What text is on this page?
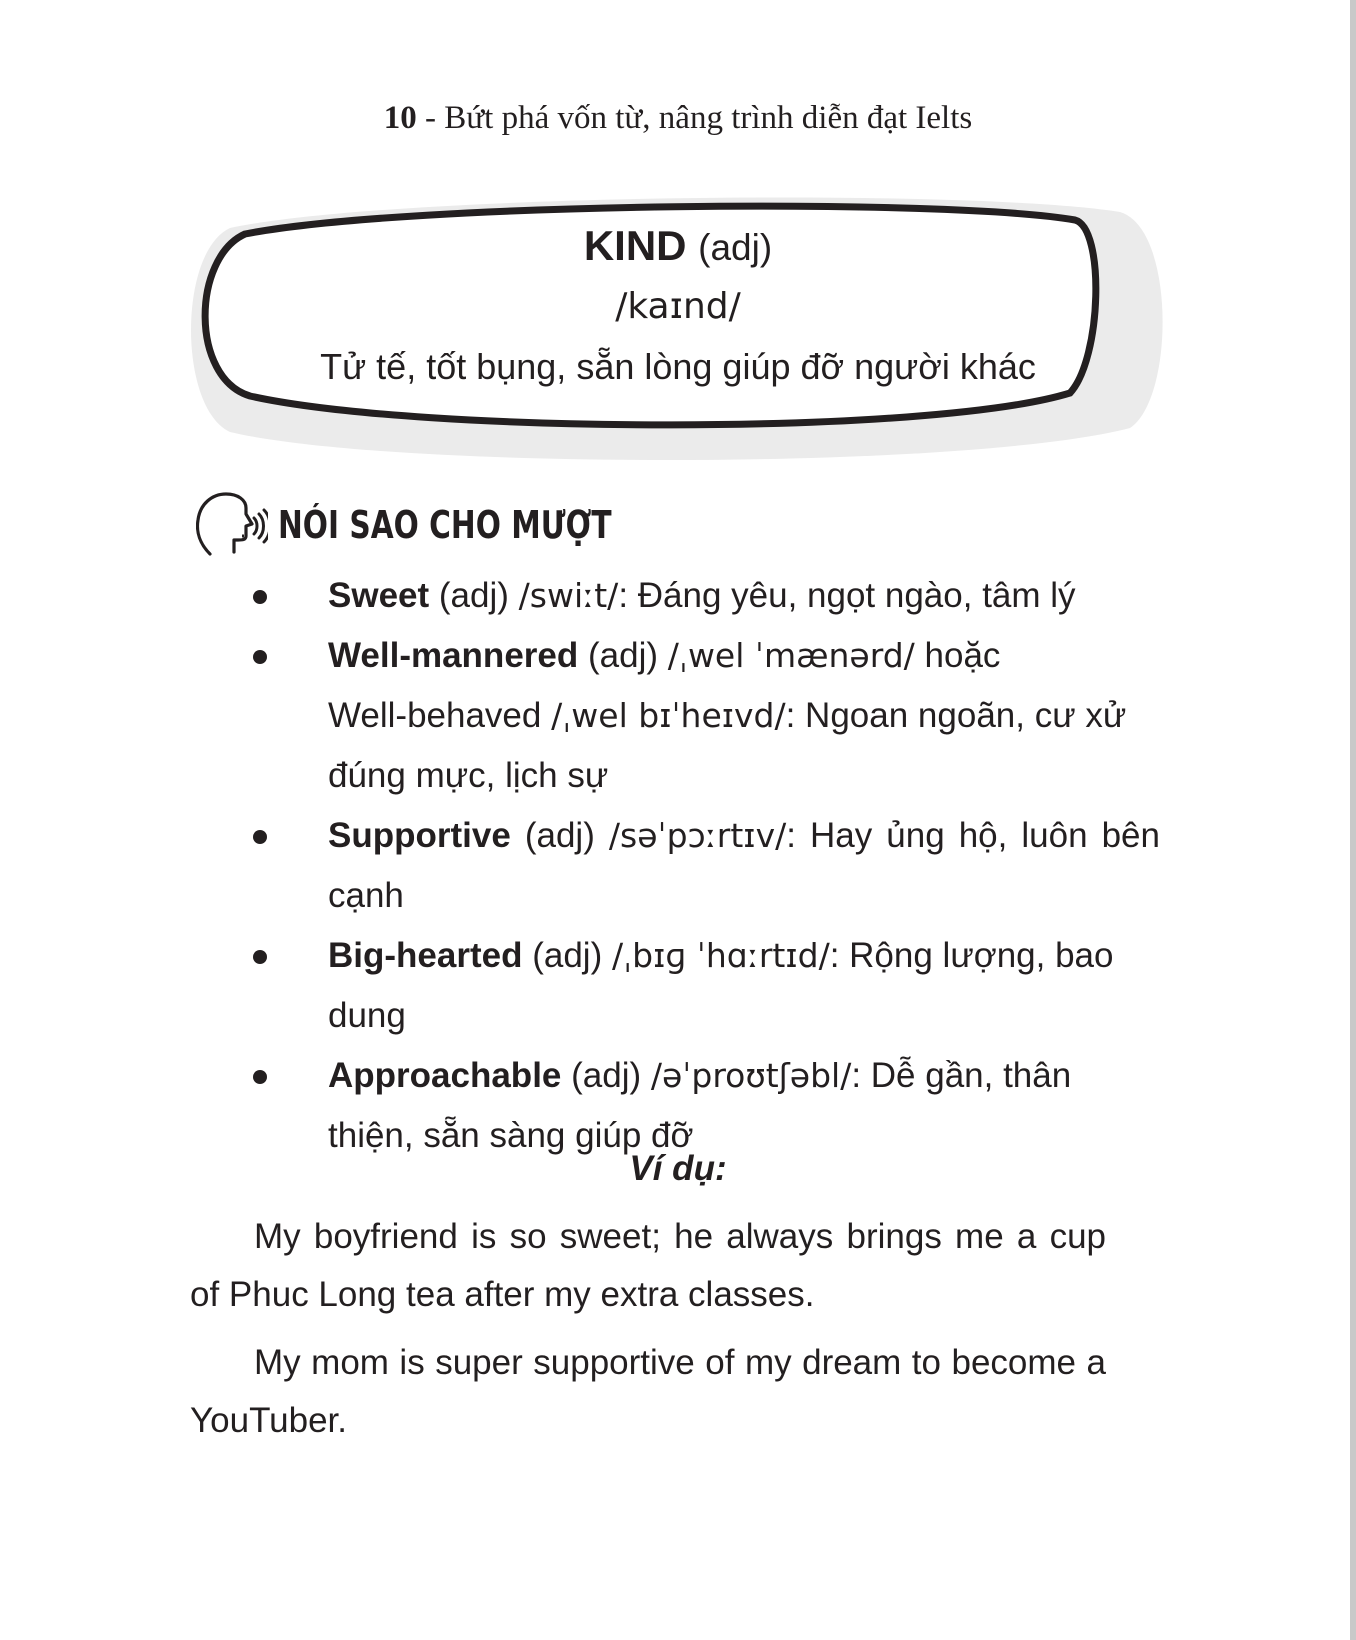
10 - Bứt phá vốn từ, nâng trình diễn đạt Ielts
KIND (adj)
/kaɪnd/
Tử tế, tốt bụng, sẵn lòng giúp đỡ người khác
NÓI SAO CHO MƯỢT
Sweet (adj) /swiːt/: Đáng yêu, ngọt ngào, tâm lý
Well-mannered (adj) /ˌwel ˈmænərd/ hoặc
Well-behaved /ˌwel bɪˈheɪvd/: Ngoan ngoãn, cư xử đúng mực, lịch sự
Supportive (adj) /səˈpɔːrtɪv/: Hay ủng hộ, luôn bên cạnh
Big-hearted (adj) /ˌbɪɡ ˈhɑːrtɪd/: Rộng lượng, bao dung
Approachable (adj) /əˈproʊtʃəbl/: Dễ gần, thân thiện, sẵn sàng giúp đỡ
Ví dụ:

My boyfriend is so sweet; he always brings me a cup of Phuc Long tea after my extra classes.

My mom is super supportive of my dream to become a YouTuber.
